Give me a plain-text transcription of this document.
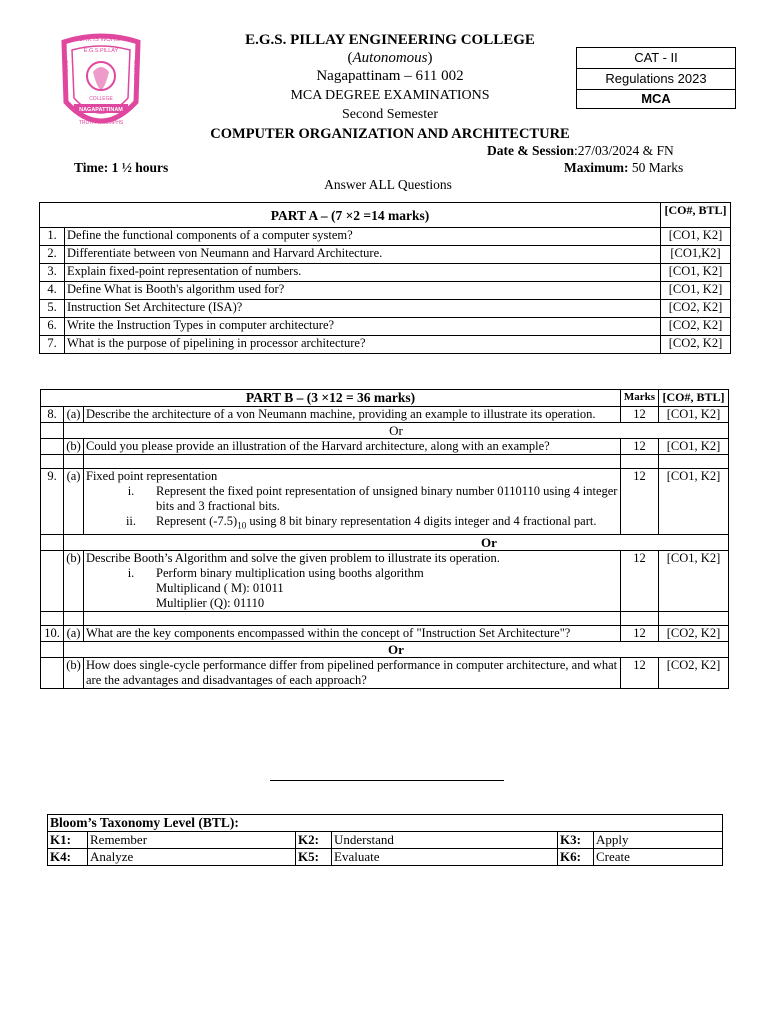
WORK IS WORSHIP
E.G.S.PILLAY
EDUCATIONAL	ENGINEERING
COLLEGE
NAGAPATTINAM
TRUTH TRIUMPHS
E.G.S. PILLAY ENGINEERING COLLEGE
(Autonomous)
Nagapattinam – 611 002
MCA DEGREE EXAMINATIONS
Second Semester
CAT - II
Regulations 2023
MCA
COMPUTER ORGANIZATION AND ARCHITECTURE
Date & Session:27/03/2024 & FN
Time: 1 ½ hours	Maximum: 50 Marks
Answer ALL Questions
PART A – (7 ×2 =14 marks)		[CO#, BTL]
1.	Define the functional components of a computer system?	[CO1, K2]
2.	Differentiate between von Neumann and Harvard Architecture.	[CO1,K2]
3.	Explain fixed-point representation of numbers.	[CO1, K2]
4.	Define What is Booth's algorithm used for?	[CO1, K2]
5.	Instruction Set Architecture (ISA)?	[CO2, K2]
6.	Write the Instruction Types in computer architecture?	[CO2, K2]
7.	What is the purpose of pipelining in processor architecture?	[CO2, K2]
PART B – (3 ×12 = 36 marks)			Marks	[CO#, BTL]
8.	(a)	Describe the architecture of a von Neumann machine, providing an example to illustrate its operation.	12	[CO1, K2]
	Or			
	(b)	Could you please provide an illustration of the Harvard architecture, along with an example?	12	[CO1, K2]

9.	(a)	Fixed point representation
i. Represent the fixed point representation of unsigned binary number 0110110 using 4 integer bits and 3 fractional bits.
ii. Represent $(-7.5)_{10}$ using 8 bit binary representation 4 digits integer and 4 fractional part.	12	[CO1, K2]
	Or			
	(b)	Describe Booth’s Algorithm and solve the given problem to illustrate its operation.
i. Perform binary multiplication using booths algorithm
Multiplicand ( M): 01011
Multiplier (Q): 01110	12	[CO1, K2]

10.	(a)	What are the key components encompassed within the concept of "Instruction Set Architecture"?	12	[CO2, K2]
	Or			
	(b)	How does single-cycle performance differ from pipelined performance in computer architecture, and what are the advantages and disadvantages of each approach?	12	[CO2, K2]
Bloom’s Taxonomy Level (BTL):					
K1:	Remember	K2:	Understand	K3:	Apply
K4:	Analyze	K5:	Evaluate	K6:	Create
